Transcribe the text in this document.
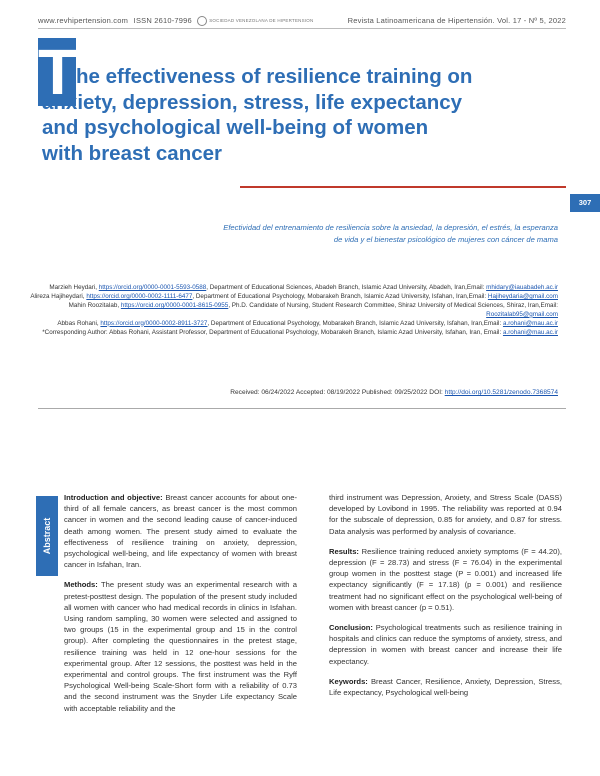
www.revhipertension.com ISSN 2610-7996	SOCIEDAD VENEZOLANA DE HIPERTENSION	Revista Latinoamericana de Hipertensión. Vol. 17 - Nº 5, 2022
T
he effectiveness of resilience training on
anxiety, depression, stress, life expectancy
and psychological well-being of women
with breast cancer
307
Efectividad del entrenamiento de resiliencia sobre la ansiedad, la depresión, el estrés, la esperanza
de vida y el bienestar psicológico de mujeres con cáncer de mama
Marzieh Heydari, https://orcid.org/0000-0001-5593-0588, Department of Educational Sciences, Abadeh Branch, Islamic Azad University, Abadeh, Iran,Email: mhidary@iauabadeh.ac.ir
Alireza Hajiheydari, https://orcid.org/0000-0002-1111-6477, Department of Educational Psychology, Mobarakeh Branch, Islamic Azad University, Isfahan, Iran,Email: Hajiheydaria@gmail.com
Mahin Roozitalab, https://orcid.org/0000-0001-8615-0955, Ph.D. Candidate of Nursing, Student Research Committee, Shiraz University of Medical Sciences, Shiraz, Iran,Email: Roozitalab95@gmail.com
Abbas Rohani, https://orcid.org/0000-0002-8911-3727, Department of Educational Psychology, Mobarakeh Branch, Islamic Azad University, Isfahan, Iran,Email: a.rohani@mau.ac.ir
*Corresponding Author: Abbas Rohani, Assistant Professor, Department of Educational Psychology, Mobarakeh Branch, Islamic Azad University, Isfahan, Iran, Email: a.rohani@mau.ac.ir
Received: 06/24/2022 Accepted: 08/19/2022 Published: 09/25/2022 DOI: http://doi.org/10.5281/zenodo.7368574
Abstract

Introduction and objective: Breast cancer accounts for about one-third of all female cancers, as breast cancer is the most common cancer in women and the second leading cause of cancer-induced death among women. The present study aimed to evaluate the effectiveness of resilience training on anxiety, depression, psychological well-being, and life expectancy of women with breast cancer in Isfahan, Iran.

Methods: The present study was an experimental research with a pretest-posttest design. The population of the present study included all women with cancer who had medical records in clinics in Isfahan. Using random sampling, 30 women were selected and assigned to two groups (15 in the experimental group and 15 in the control group). After completing the questionnaires in the pretest stage, resilience training was held in 12 one-hour sessions for the experimental group. After 12 sessions, the posttest was held in the experimental and control groups. The first instrument was the Ryff Psychological Well-being Scale-Short form with a reliability of 0.73 and the second instrument was the Snyder Life expectancy Scale with acceptable reliability and the

third instrument was Depression, Anxiety, and Stress Scale (DASS) developed by Lovibond in 1995. The reliability was reported at 0.94 for the subscale of depression, 0.85 for anxiety, and 0.87 for stress. Data analysis was performed by analysis of covariance.

Results: Resilience training reduced anxiety symptoms (F = 44.20), depression (F = 28.73) and stress (F = 76.04) in the experimental group women in the posttest stage (P = 0.001) and increased life expectancy significantly (F = 17.18) (p = 0.001) and resilience treatment had no significant effect on the psychological well-being of women with breast cancer (p = 0.51).

Conclusion: Psychological treatments such as resilience training in hospitals and clinics can reduce the symptoms of anxiety, stress, and depression in women with breast cancer and increase their life expectancy.

Keywords: Breast Cancer, Resilience, Anxiety, Depression, Stress, Life expectancy, Psychological well-being
